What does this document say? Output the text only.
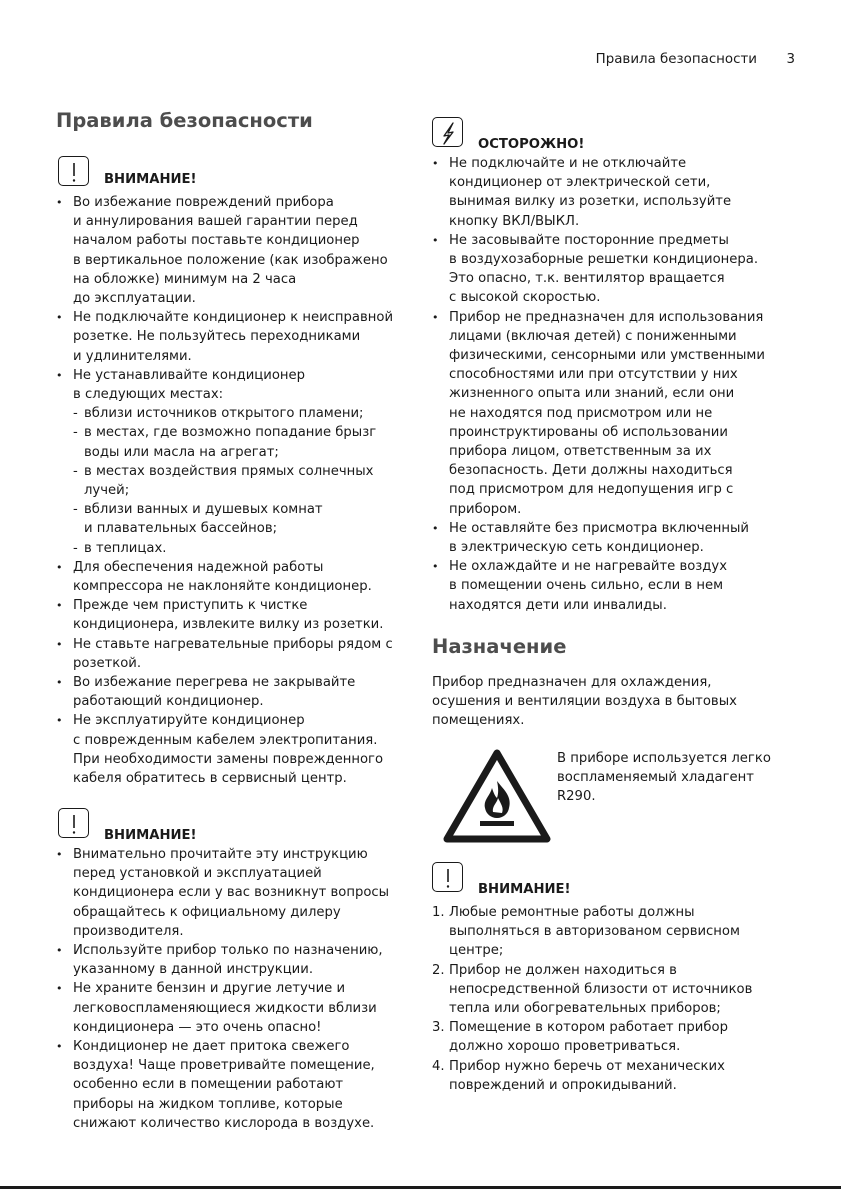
Правила безопасности 3
Правила безопасности
ВНИМАНИЕ!
• Во избежание повреждений прибора
и аннулирования вашей гарантии перед
началом работы поставьте кондиционер
в вертикальное положение (как изображено
на обложке) минимум на 2 часа
до эксплуатации.
• Не подключайте кондиционер к неисправной
розетке. Не пользуйтесь переходниками
и удлинителями.
• Не устанавливайте кондиционер
в следующих местах:
- вблизи источников открытого пламени;
- в местах, где возможно попадание брызг
воды или масла на агрегат;
- в местах воздействия прямых солнечных
лучей;
- вблизи ванных и душевых комнат
и плавательных бассейнов;
- в теплицах.
• Для обеспечения надежной работы
компрессора не наклоняйте кондиционер.
• Прежде чем приступить к чистке
кондиционера, извлеките вилку из розетки.
• Не ставьте нагревательные приборы рядом с
розеткой.
• Во избежание перегрева не закрывайте
работающий кондиционер.
• Не эксплуатируйте кондиционер
с поврежденным кабелем электропитания.
При необходимости замены поврежденного
кабеля обратитесь в сервисный центр.
ВНИМАНИЕ!
• Внимательно прочитайте эту инструкцию
перед установкой и эксплуатацией
кондиционера если у вас возникнут вопросы
обращайтесь к официальному дилеру
производителя.
• Используйте прибор только по назначению,
указанному в данной инструкции.
• Не храните бензин и другие летучие и
легковоспламеняющиеся жидкости вблизи
кондиционера — это очень опасно!
• Кондиционер не дает притока свежего
воздуха! Чаще проветривайте помещение,
особенно если в помещении работают
приборы на жидком топливе, которые
снижают количество кислорода в воздухе.
ОСТОРОЖНО!
• Не подключайте и не отключайте
кондиционер от электрической сети,
вынимая вилку из розетки, используйте
кнопку ВКЛ/ВЫКЛ.
• Не засовывайте посторонние предметы
в воздухозаборные решетки кондиционера.
Это опасно, т.к. вентилятор вращается
с высокой скоростью.
• Прибор не предназначен для использования
лицами (включая детей) с пониженными
физическими, сенсорными или умственными
способностями или при отсутствии у них
жизненного опыта или знаний, если они
не находятся под присмотром или не
проинструктированы об использовании
прибора лицом, ответственным за их
безопасность. Дети должны находиться
под присмотром для недопущения игр с
прибором.
• Не оставляйте без присмотра включенный
в электрическую сеть кондиционер.
• Не охлаждайте и не нагревайте воздух
в помещении очень сильно, если в нем
находятся дети или инвалиды.
Назначение

Прибор предназначен для охлаждения,
осушения и вентиляции воздуха в бытовых
помещениях.

В приборе используется легко
воспламеняемый хладагент
R290.

ВНИМАНИЕ!
1. Любые ремонтные работы должны
выполняться в авторизованом сервисном
центре;
2. Прибор не должен находиться в
непосредственной близости от источников
тепла или обогревательных приборов;
3. Помещение в котором работает прибор
должно хорошо проветриваться.
4. Прибор нужно беречь от механических
повреждений и опрокидываний.
